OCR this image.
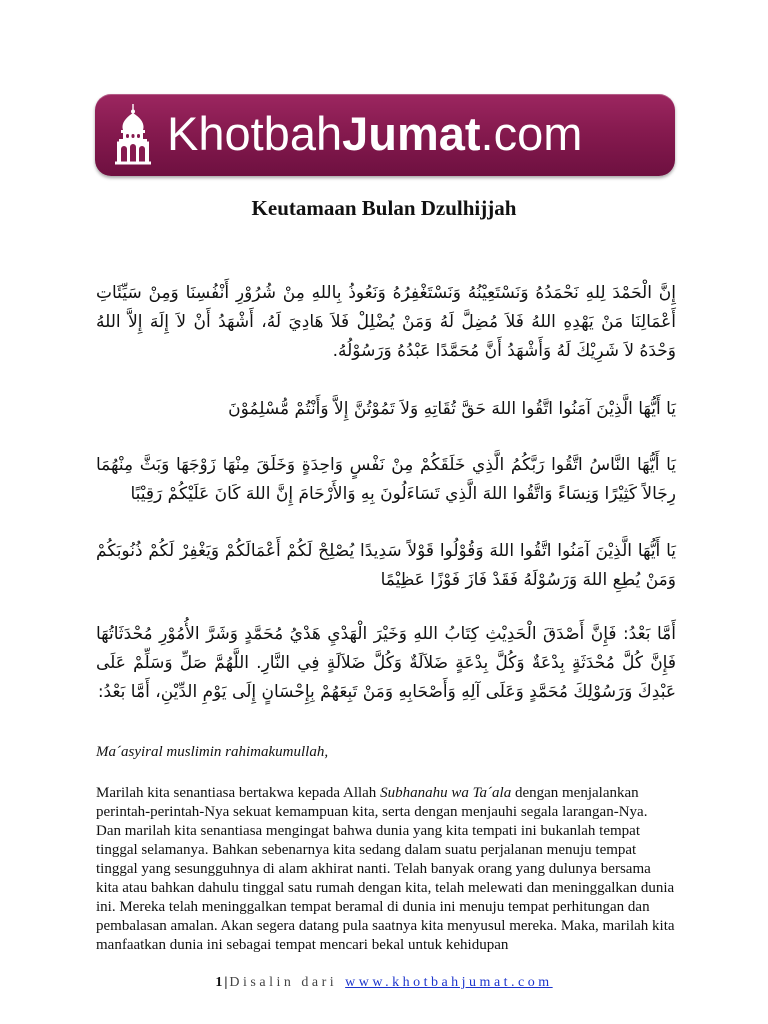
KhotbahJumat.com
Keutamaan Bulan Dzulhijjah
إِنَّ الْحَمْدَ لِلهِ نَحْمَدُهُ وَنَسْتَعِيْنُهُ وَنَسْتَغْفِرُهُ وَنَعُوذُ بِاللهِ مِنْ شُرُوْرِ أَنْفُسِنَا وَمِنْ سَيِّئَاتِ أَعْمَالِنَا مَنْ يَهْدِهِ اللهُ فَلاَ مُضِلَّ لَهُ وَمَنْ يُضْلِلْ فَلاَ هَادِيَ لَهُ، أَشْهَدُ أَنْ لاَ إِلَهَ إِلاَّ اللهُ وَحْدَهُ لاَ شَرِيْكَ لَهُ وَأَشْهَدُ أَنَّ مُحَمَّدًا عَبْدُهُ وَرَسُوْلُهُ.
يَا أَيُّهَا الَّذِيْنَ آمَنُوا اتَّقُوا اللهَ حَقَّ تُقَاتِهِ وَلاَ تَمُوْتُنَّ إِلاَّ وَأَنْتُمْ مُّسْلِمُوْنَ
يَا أَيُّهَا النَّاسُ اتَّقُوا رَبَّكُمُ الَّذِي خَلَقَكُمْ مِنْ نَفْسٍ وَاحِدَةٍ وَخَلَقَ مِنْهَا زَوْجَهَا وَبَثَّ مِنْهُمَا رِجَالاً كَثِيْرًا وَنِسَاءً وَاتَّقُوا اللهَ الَّذِي تَسَاءَلُونَ بِهِ وَالأَرْحَامَ إِنَّ اللهَ كَانَ عَلَيْكُمْ رَقِيْبًا
يَا أَيُّهَا الَّذِيْنَ آمَنُوا اتَّقُوا اللهَ وَقُوْلُوا قَوْلاً سَدِيدًا يُصْلِحْ لَكُمْ أَعْمَالَكُمْ وَيَغْفِرْ لَكُمْ ذُنُوبَكُمْ وَمَنْ يُطِعِ اللهَ وَرَسُوْلَهُ فَقَدْ فَازَ فَوْزًا عَظِيْمًا
أَمَّا بَعْدُ: فَإِنَّ أَصْدَقَ الْحَدِيْثِ كِتَابُ اللهِ وَخَيْرَ الْهَدْيِ هَدْيُ مُحَمَّدٍ وَشَرَّ الأُمُوْرِ مُحْدَثَاتُهَا فَإِنَّ كُلَّ مُحْدَثَةٍ بِدْعَةٌ وَكُلَّ بِدْعَةٍ ضَلاَلَةٌ وَكُلَّ ضَلاَلَةٍ فِي النَّارِ. اللَّهُمَّ صَلِّ وَسَلِّمْ عَلَى عَبْدِكَ وَرَسُوْلِكَ مُحَمَّدٍ وَعَلَى آلِهِ وَأَصْحَابِهِ وَمَنْ تَبِعَهُمْ بِإِحْسَانٍ إِلَى يَوْمِ الدِّيْنِ، أَمَّا بَعْدُ:
Ma´asyiral muslimin rahimakumullah,
Marilah kita senantiasa bertakwa kepada Allah Subhanahu wa Ta´ala dengan menjalankan perintah-perintah-Nya sekuat kemampuan kita, serta dengan menjauhi segala larangan-Nya. Dan marilah kita senantiasa mengingat bahwa dunia yang kita tempati ini bukanlah tempat tinggal selamanya. Bahkan sebenarnya kita sedang dalam suatu perjalanan menuju tempat tinggal yang sesungguhnya di alam akhirat nanti. Telah banyak orang yang dulunya bersama kita atau bahkan dahulu tinggal satu rumah dengan kita, telah melewati dan meninggalkan dunia ini. Mereka telah meninggalkan tempat beramal di dunia ini menuju tempat perhitungan dan pembalasan amalan. Akan segera datang pula saatnya kita menyusul mereka. Maka, marilah kita manfaatkan dunia ini sebagai tempat mencari bekal untuk kehidupan
1 | Disalin dari www.khotbahjumat.com
